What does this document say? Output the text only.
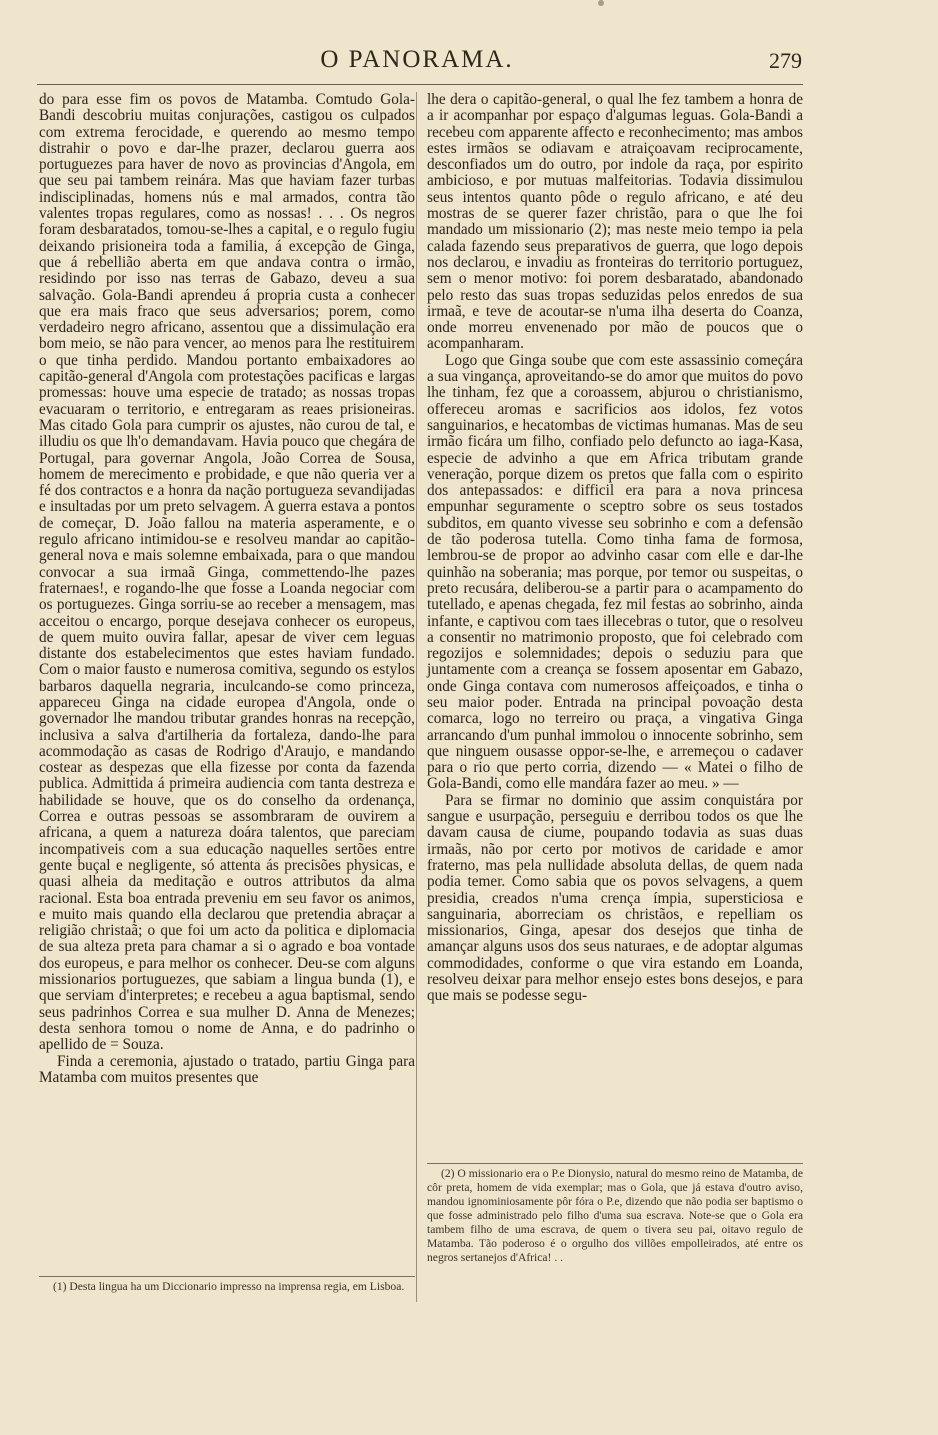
O PANORAMA.	279

do para esse fim os povos de Matamba. Comtudo Gola-Bandi descobriu muitas conjurações, castigou os culpados com extrema ferocidade, e querendo ao mesmo tempo distrahir o povo e dar-lhe prazer, declarou guerra aos portuguezes para haver de novo as provincias d'Angola, em que seu pai tambem reinára. Mas que haviam fazer turbas indisciplinadas, homens nús e mal armados, contra tão valentes tropas regulares, como as nossas! . . . Os negros foram desbaratados, tomou-se-lhes a capital, e o regulo fugiu deixando prisioneira toda a familia, á excepção de Ginga, que á rebellião aberta em que andava contra o irmão, residindo por isso nas terras de Gabazo, deveu a sua salvação. Gola-Bandi aprendeu á propria custa a conhecer que era mais fraco que seus adversarios; porem, como verdadeiro negro africano, assentou que a dissimulação era bom meio, se não para vencer, ao menos para lhe restituirem o que tinha perdido. Mandou portanto embaixadores ao capitão-general d'Angola com protestações pacificas e largas promessas: houve uma especie de tratado; as nossas tropas evacuaram o territorio, e entregaram as reaes prisioneiras. Mas citado Gola para cumprir os ajustes, não curou de tal, e illudiu os que lh'o demandavam. Havia pouco que chegára de Portugal, para governar Angola, João Correa de Sousa, homem de merecimento e probidade, e que não queria ver a fé dos contractos e a honra da nação portugueza sevandijadas e insultadas por um preto selvagem. A guerra estava a pontos de começar, D. João fallou na materia asperamente, e o regulo africano intimidou-se e resolveu mandar ao capitão-general nova e mais solemne embaixada, para o que mandou convocar a sua irmaã Ginga, commettendo-lhe pazes fraternaes!, e rogando-lhe que fosse a Loanda negociar com os portuguezes. Ginga sorriu-se ao receber a mensagem, mas acceitou o encargo, porque desejava conhecer os europeus, de quem muito ouvira fallar, apesar de viver cem leguas distante dos estabelecimentos que estes haviam fundado. Com o maior fausto e numerosa comitiva, segundo os estylos barbaros daquella negraria, inculcando-se como princeza, appareceu Ginga na cidade europea d'Angola, onde o governador lhe mandou tributar grandes honras na recepção, inclusiva a salva d'artilheria da fortaleza, dando-lhe para acommodação as casas de Rodrigo d'Araujo, e mandando costear as despezas que ella fizesse por conta da fazenda publica. Admittida á primeira audiencia com tanta destreza e habilidade se houve, que os do conselho da ordenança, Correa e outras pessoas se assombraram de ouvirem a africana, a quem a natureza doára talentos, que pareciam incompativeis com a sua educação naquelles sertões entre gente buçal e negligente, só attenta ás precisões physicas, e quasi alheia da meditação e outros attributos da alma racional. Esta boa entrada preveniu em seu favor os animos, e muito mais quando ella declarou que pretendia abraçar a religião christaã; o que foi um acto da politica e diplomacia de sua alteza preta para chamar a si o agrado e boa vontade dos europeus, e para melhor os conhecer. Deu-se com alguns missionarios portuguezes, que sabiam a lingua bunda (1), e que serviam d'interpretes; e recebeu a agua baptismal, sendo seus padrinhos Correa e sua mulher D. Anna de Menezes; desta senhora tomou o nome de Anna, e do padrinho o apellido de = Souza.

Finda a ceremonia, ajustado o tratado, partiu Ginga para Matamba com muitos presentes que

lhe dera o capitão-general, o qual lhe fez tambem a honra de a ir acompanhar por espaço d'algumas leguas. Gola-Bandi a recebeu com apparente affecto e reconhecimento; mas ambos estes irmãos se odiavam e atraiçoavam reciprocamente, desconfiados um do outro, por indole da raça, por espirito ambicioso, e por mutuas malfeitorias. Todavia dissimulou seus intentos quanto pôde o regulo africano, e até deu mostras de se querer fazer christão, para o que lhe foi mandado um missionario (2); mas neste meio tempo ia pela calada fazendo seus preparativos de guerra, que logo depois nos declarou, e invadiu as fronteiras do territorio portuguez, sem o menor motivo: foi porem desbaratado, abandonado pelo resto das suas tropas seduzidas pelos enredos de sua irmaã, e teve de acoutar-se n'uma ilha deserta do Coanza, onde morreu envenenado por mão de poucos que o acompanharam.

Logo que Ginga soube que com este assassinio começára a sua vingança, aproveitando-se do amor que muitos do povo lhe tinham, fez que a coroassem, abjurou o christianismo, offereceu aromas e sacrificios aos idolos, fez votos sanguinarios, e hecatombas de victimas humanas. Mas de seu irmão ficára um filho, confiado pelo defuncto ao iaga-Kasa, especie de advinho a que em Africa tributam grande veneração, porque dizem os pretos que falla com o espirito dos antepassados: e difficil era para a nova princesa empunhar seguramente o sceptro sobre os seus tostados subditos, em quanto vivesse seu sobrinho e com a defensão de tão poderosa tutella. Como tinha fama de formosa, lembrou-se de propor ao advinho casar com elle e dar-lhe quinhão na soberania; mas porque, por temor ou suspeitas, o preto recusára, deliberou-se a partir para o acampamento do tutellado, e apenas chegada, fez mil festas ao sobrinho, ainda infante, e captivou com taes illecebras o tutor, que o resolveu a consentir no matrimonio proposto, que foi celebrado com regozijos e solemnidades; depois o seduziu para que juntamente com a creança se fossem aposentar em Gabazo, onde Ginga contava com numerosos affeiçoados, e tinha o seu maior poder. Entrada na principal povoação desta comarca, logo no terreiro ou praça, a vingativa Ginga arrancando d'um punhal immolou o innocente sobrinho, sem que ninguem ousasse oppor-se-lhe, e arremeçou o cadaver para o rio que perto corria, dizendo — « Matei o filho de Gola-Bandi, como elle mandára fazer ao meu. » —

Para se firmar no dominio que assim conquistára por sangue e usurpação, perseguiu e derribou todos os que lhe davam causa de ciume, poupando todavia as suas duas irmaãs, não por certo por motivos de caridade e amor fraterno, mas pela nullidade absoluta dellas, de quem nada podia temer. Como sabia que os povos selvagens, a quem presidia, creados n'uma crença ímpia, supersticiosa e sanguinaria, aborreciam os christãos, e repelliam os missionarios, Ginga, apesar dos desejos que tinha de amançar alguns usos dos seus naturaes, e de adoptar algumas commodidades, conforme o que vira estando em Loanda, resolveu deixar para melhor ensejo estes bons desejos, e para que mais se podesse segu-

(1) Desta lingua ha um Diccionario impresso na imprensa regia, em Lisboa.

(2) O missionario era o P.e Dionysio, natural do mesmo reino de Matamba, de côr preta, homem de vida exemplar; mas o Gola, que já estava d'outro aviso, mandou ignominiosamente pôr fóra o P.e, dizendo que não podia ser baptismo o que fosse administrado pelo filho d'uma sua escrava. Note-se que o Gola era tambem filho de uma escrava, de quem o tivera seu pai, oitavo regulo de Matamba. Tão poderoso é o orgulho dos villões empolleirados, até entre os negros sertanejos d'Africa! . .
